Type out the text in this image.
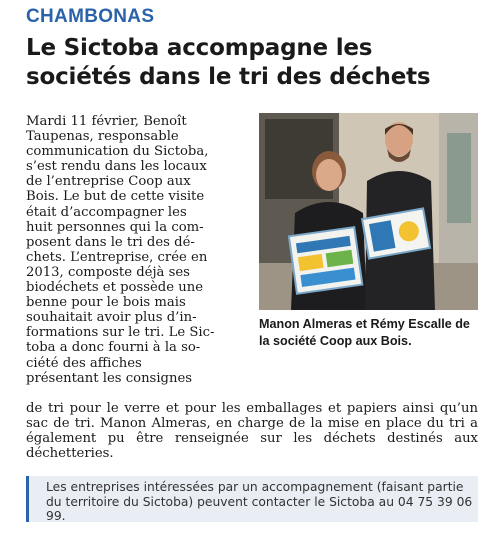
CHAMBONAS
Le Sictoba accompagne les sociétés dans le tri des déchets
Mardi 11 février, Benoît
Taupenas, responsable
communication du Sictoba,
s’est rendu dans les locaux
de l’entreprise Coop aux
Bois. Le but de cette visite
était d’accompagner les
huit personnes qui la com-
posent dans le tri des dé-
chets. L’entreprise, crée en
2013, composte déjà ses
biodéchets et possède une
benne pour le bois mais
souhaitait avoir plus d’in-
formations sur le tri. Le Sic-
toba a donc fourni à la so-
ciété des affiches
présentant les consignes
de tri pour le verre et pour les emballages et papiers ainsi qu’un sac de tri. Manon Almeras, en charge de la mise en place du tri a également pu être renseignée sur les déchets destinés aux déchetteries.
Manon Almeras et Rémy Escalle de la société Coop aux Bois.
Les entreprises intéressées par un accompagnement (faisant partie du territoire du Sictoba) peuvent contacter le Sictoba au 04 75 39 06 99.
